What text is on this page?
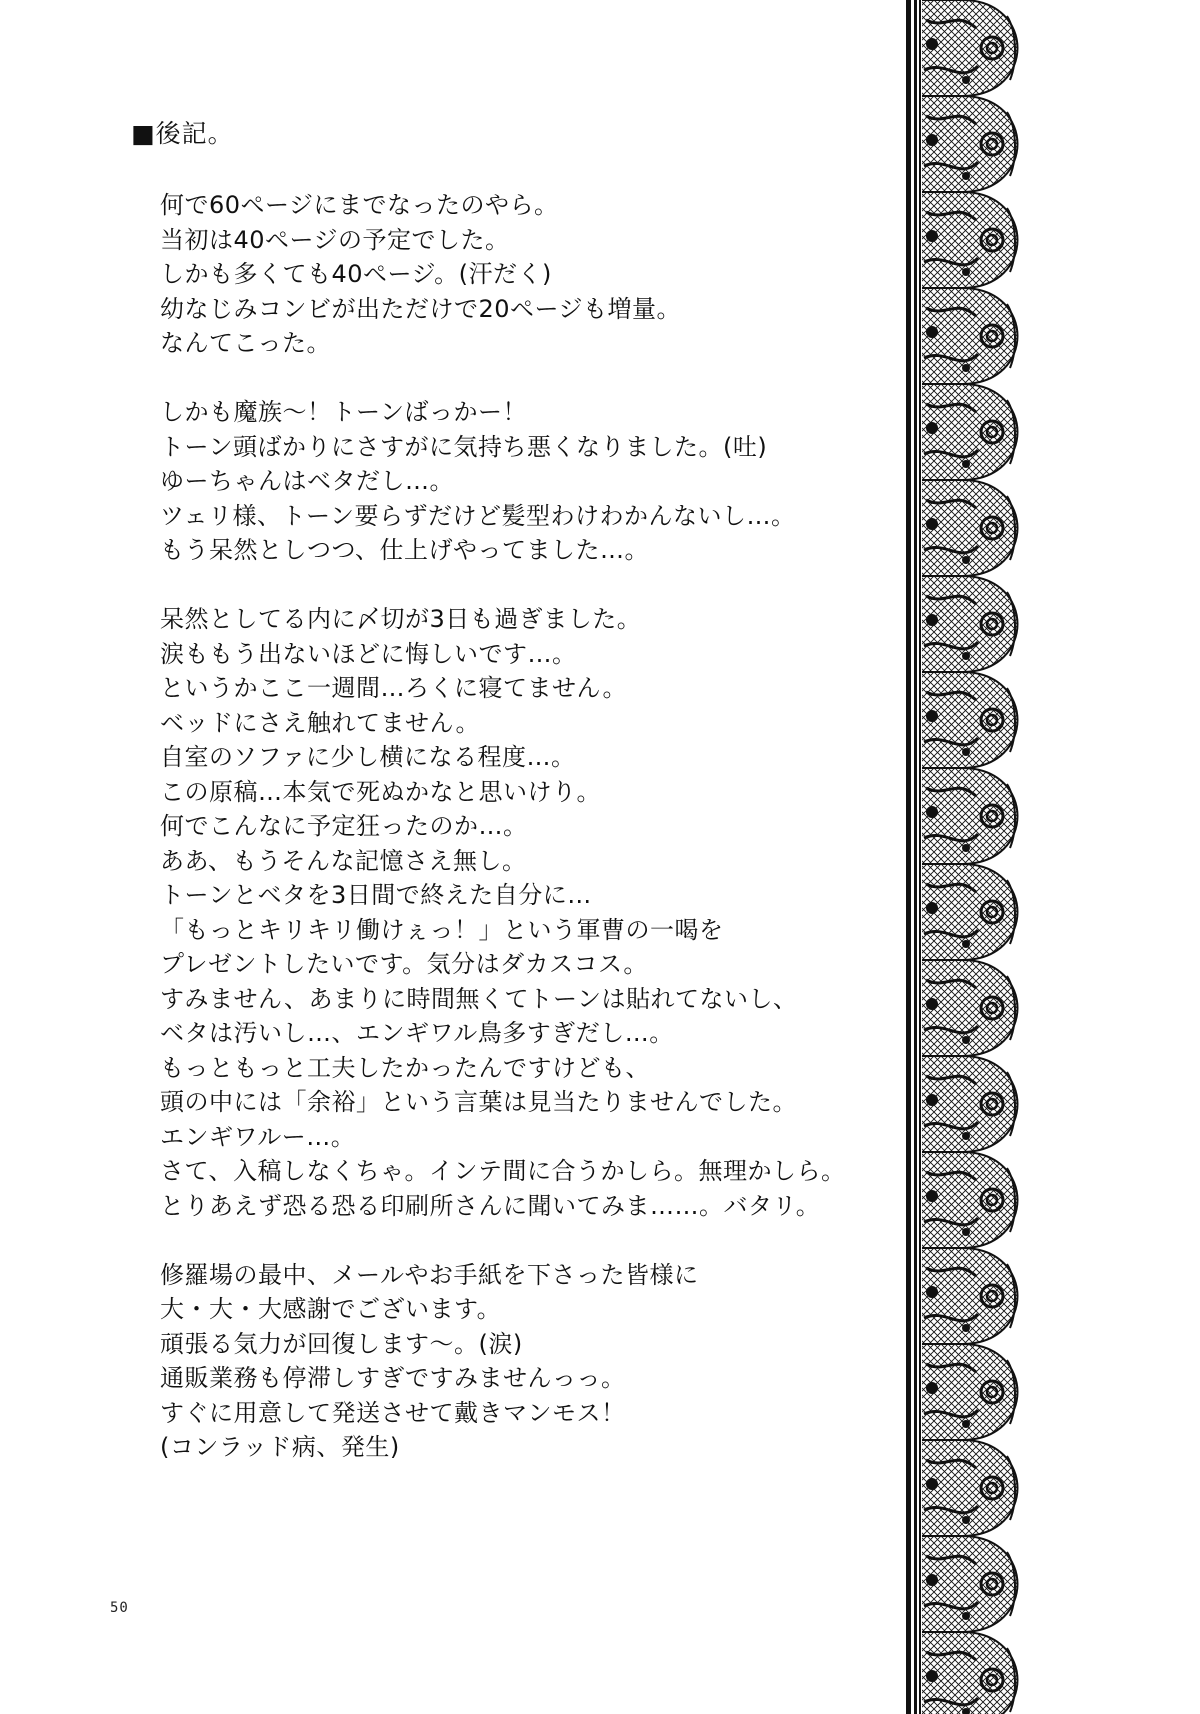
■後記。
何で60ページにまでなったのやら。
当初は40ページの予定でした。
しかも多くても40ページ。(汗だく)
幼なじみコンビが出ただけで20ページも増量。
なんてこった。
しかも魔族～！トーンばっかー！
トーン頭ばかりにさすがに気持ち悪くなりました。(吐)
ゆーちゃんはベタだし…。
ツェリ様、トーン要らずだけど髪型わけわかんないし…。
もう呆然としつつ、仕上げやってました…。
呆然としてる内に〆切が3日も過ぎました。
涙ももう出ないほどに悔しいです…。
というかここ一週間…ろくに寝てません。
ベッドにさえ触れてません。
自室のソファに少し横になる程度…。
この原稿…本気で死ぬかなと思いけり。
何でこんなに予定狂ったのか…。
ああ、もうそんな記憶さえ無し。
トーンとベタを3日間で終えた自分に…
「もっとキリキリ働けぇっ！」という軍曹の一喝を
プレゼントしたいです。気分はダカスコス。
すみません、あまりに時間無くてトーンは貼れてないし、
ベタは汚いし…、エンギワル鳥多すぎだし…。
もっともっと工夫したかったんですけども、
頭の中には「余裕」という言葉は見当たりませんでした。
エンギワルー…。
さて、入稿しなくちゃ。インテ間に合うかしら。無理かしら。
とりあえず恐る恐る印刷所さんに聞いてみま……。バタリ。
修羅場の最中、メールやお手紙を下さった皆様に
大・大・大感謝でございます。
頑張る気力が回復します～。(涙)
通販業務も停滞しすぎですみませんっっ。
すぐに用意して発送させて戴きマンモス！
(コンラッド病、発生)
50
